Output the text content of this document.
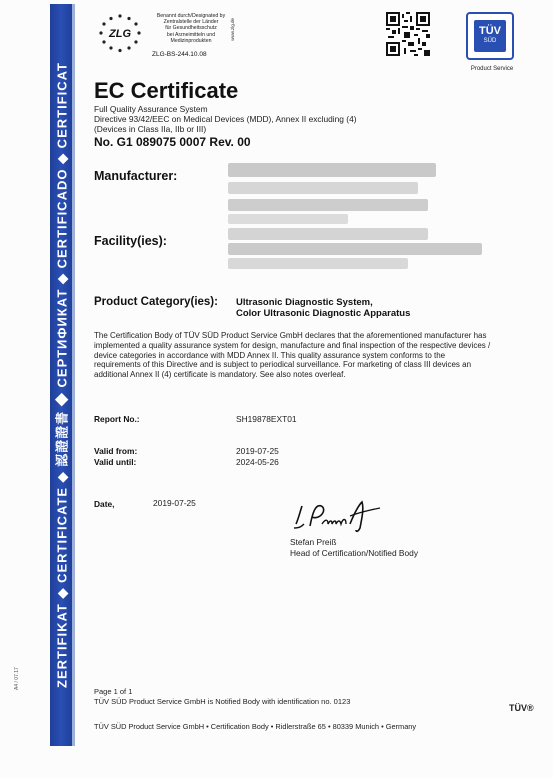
ZERTIFIKAT ◆ CERTIFICATE ◆ 認證證書 ◆ СЕРТИФИКАТ ◆ CERTIFICADO ◆ CERTIFICAT
A4 / 07.17
ZLG
Benannt durch/Designated by
Zentralstelle der Länder
für Gesundheitsschutz
bei Arzneimitteln und
Medizinprodukten
www.zlg.de
ZLG-BS-244.10.08
TÜV
SÜD
Product Service
EC Certificate
Full Quality Assurance System
Directive 93/42/EEC on Medical Devices (MDD), Annex II excluding (4)
(Devices in Class IIa, IIb or III)
No. G1 089075 0007 Rev. 00
Manufacturer:
Facility(ies):
Product Category(ies): Ultrasonic Diagnostic System,
Color Ultrasonic Diagnostic Apparatus
The Certification Body of TÜV SÜD Product Service GmbH declares that the aforementioned manufacturer has implemented a quality assurance system for design, manufacture and final inspection of the respective devices / device categories in accordance with MDD Annex II. This quality assurance system conforms to the requirements of this Directive and is subject to periodical surveillance. For marketing of class III devices an additional Annex II (4) certificate is mandatory. See also notes overleaf.
Report No.:	SH19878EXT01
Valid from:	2019-07-25
Valid until:	2024-05-26
Date,	2019-07-25
Stefan Preiß
Head of Certification/Notified Body
Page 1 of 1
TÜV SÜD Product Service GmbH is Notified Body with identification no. 0123
TÜV®
TÜV SÜD Product Service GmbH • Certification Body • Ridlerstraße 65 • 80339 Munich • Germany
